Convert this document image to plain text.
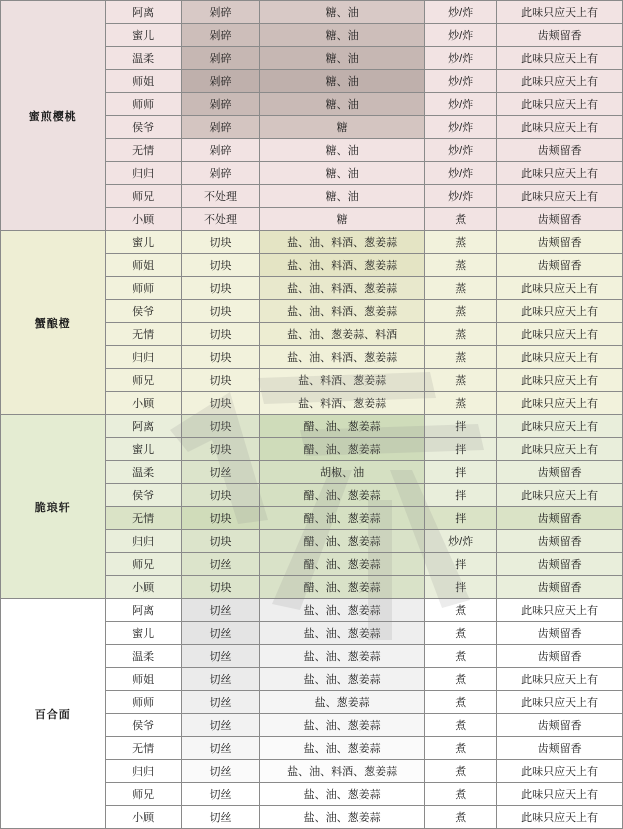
蜜煎樱桃	阿离	剁碎	糖、油	炒/炸	此味只应天上有
	蜜儿	剁碎	糖、油	炒/炸	齿颊留香
	温柔	剁碎	糖、油	炒/炸	此味只应天上有
	师姐	剁碎	糖、油	炒/炸	此味只应天上有
	师师	剁碎	糖、油	炒/炸	此味只应天上有
	侯爷	剁碎	糖	炒/炸	此味只应天上有
	无情	剁碎	糖、油	炒/炸	齿颊留香
	归归	剁碎	糖、油	炒/炸	此味只应天上有
	师兄	不处理	糖、油	炒/炸	此味只应天上有
	小顾	不处理	糖	煮	齿颊留香
蟹酿橙	蜜儿	切块	盐、油、料酒、葱姜蒜	蒸	齿颊留香
	师姐	切块	盐、油、料酒、葱姜蒜	蒸	齿颊留香
	师师	切块	盐、油、料酒、葱姜蒜	蒸	此味只应天上有
	侯爷	切块	盐、油、料酒、葱姜蒜	蒸	此味只应天上有
	无情	切块	盐、油、葱姜蒜、料酒	蒸	此味只应天上有
	归归	切块	盐、油、料酒、葱姜蒜	蒸	此味只应天上有
	师兄	切块	盐、料酒、葱姜蒜	蒸	此味只应天上有
	小顾	切块	盐、料酒、葱姜蒜	蒸	此味只应天上有
脆琅轩	阿离	切块	醋、油、葱姜蒜	拌	此味只应天上有
	蜜儿	切块	醋、油、葱姜蒜	拌	此味只应天上有
	温柔	切丝	胡椒、油	拌	齿颊留香
	侯爷	切块	醋、油、葱姜蒜	拌	此味只应天上有
	无情	切块	醋、油、葱姜蒜	拌	齿颊留香
	归归	切块	醋、油、葱姜蒜	炒/炸	齿颊留香
	师兄	切丝	醋、油、葱姜蒜	拌	齿颊留香
	小顾	切块	醋、油、葱姜蒜	拌	齿颊留香
百合面	阿离	切丝	盐、油、葱姜蒜	煮	此味只应天上有
	蜜儿	切丝	盐、油、葱姜蒜	煮	齿颊留香
	温柔	切丝	盐、油、葱姜蒜	煮	齿颊留香
	师姐	切丝	盐、油、葱姜蒜	煮	此味只应天上有
	师师	切丝	盐、葱姜蒜	煮	此味只应天上有
	侯爷	切丝	盐、油、葱姜蒜	煮	齿颊留香
	无情	切丝	盐、油、葱姜蒜	煮	齿颊留香
	归归	切丝	盐、油、料酒、葱姜蒜	煮	此味只应天上有
	师兄	切丝	盐、油、葱姜蒜	煮	此味只应天上有
	小顾	切丝	盐、油、葱姜蒜	煮	此味只应天上有
